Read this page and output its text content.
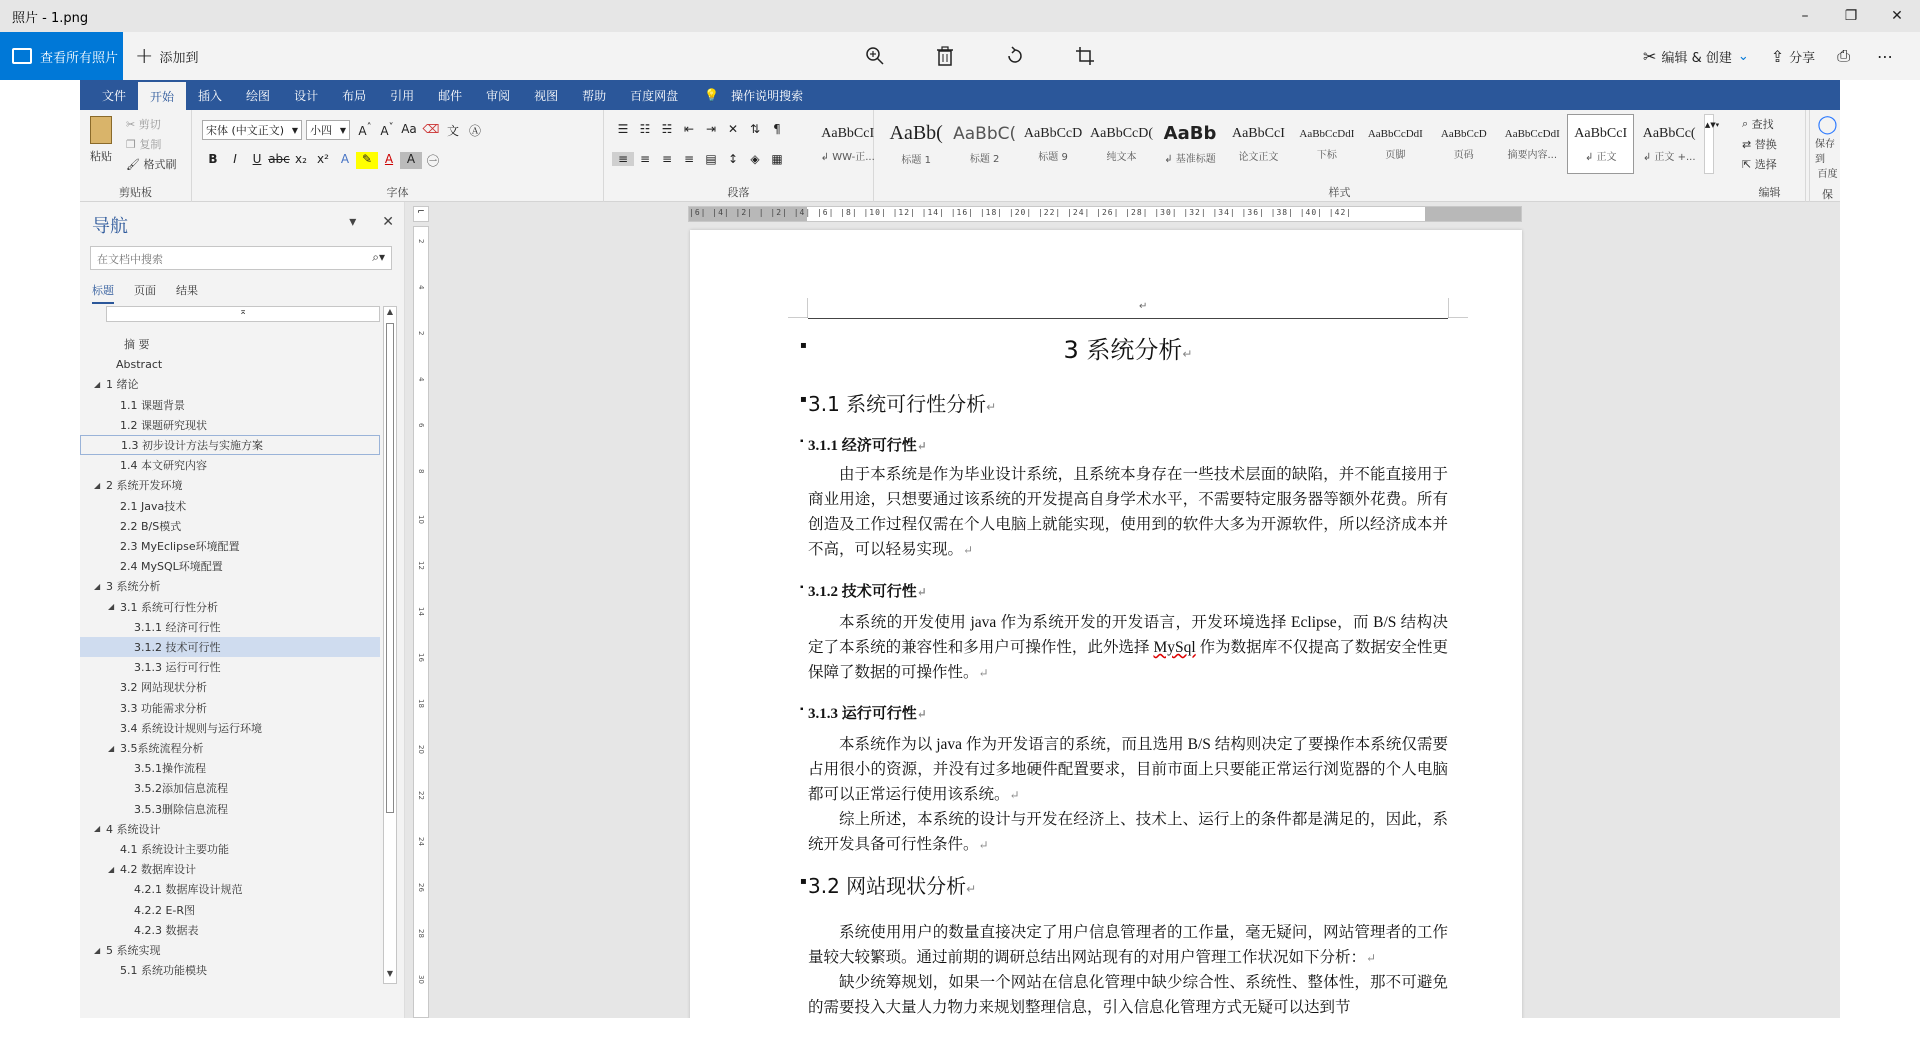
照片 - 1.png	–	❐	✕
查看所有照片 + 添加到	✂ 编辑 & 创建 ⌄ ⇪ 分享 ⎙ ⋯
文件	开始	插入	绘图	设计	布局	引用	邮件	审阅	视图	帮助	百度网盘	💡	操作说明搜索
粘贴
✂
剪切
❐
复制
🖌
格式刷
剪贴板
宋体 (中文正文) ▼ 小四 ▼	A˄ A˅ Aa ⌫ 文 Ⓐ
B	I	U abc x₂ x² A	✎	A	A ㊀
字体
☰ ☷ ☵ ⇤ ⇥ ✕ ⇅	¶
≡ ≡ ≡ ≡ ▤ ↕	◈ ▦
段落	样式
AaBbCcI
↲ WW-正...
AaBb(
标题 1
AaBbC(
标题 2
AaBbCcD
标题 9
AaBbCcD(
纯文本
AaBb
↲ 基准标题
AaBbCcI
论文正文
AaBbCcDdI
下标
AaBbCcDdI
页脚
AaBbCcD
页码
AaBbCcDdI
摘要内容...
AaBbCcI
↲ 正文
AaBbCc(
↲ 正文 +...
▲▼▾ ⌕
查找
⇄
替换
⇱
选择
编辑
◯
保存到
百度
保
导航	▾ ✕
在文档中搜索	⌕▾
标题 页面 结果
⌅
摘 要
Abstract
◢ 1 绪论
1.1 课题背景
1.2 课题研究现状
1.3 初步设计方法与实施方案
1.4 本文研究内容
◢ 2 系统开发环境
2.1 Java技术
2.2 B/S模式
2.3 MyEclipse环境配置
2.4 MySQL环境配置
◢ 3 系统分析
◢ 3.1 系统可行性分析
3.1.1 经济可行性
3.1.2 技术可行性
3.1.3 运行可行性
3.2 网站现状分析
3.3 功能需求分析
3.4 系统设计规则与运行环境
◢ 3.5系统流程分析
3.5.1操作流程
3.5.2添加信息流程
3.5.3删除信息流程
◢ 4 系统设计
4.1 系统设计主要功能
◢ 4.2 数据库设计
4.2.1 数据库设计规范
4.2.2 E-R图
4.2.3 数据表
◢ 5 系统实现
5.1 系统功能模块
▲
▼
⌐
2
4
2
4
6
8
10
12
14
16
18
20
22
24
26
28
30
|6| |4| |2| | |2| |4| |6| |8| |10| |12| |14| |16| |18| |20| |22| |24| |26| |28| |30| |32| |34| |36| |38| |40| |42|
↵
▪	3 系统分析↵
▪ 3.1 系统可行性分析↵
▪ 3.1.1 经济可行性↵
由于本系统是作为毕业设计系统，且系统本身存在一些技术层面的缺陷，并不能直接用于商业用途，只想要通过该系统的开发提高自身学术水平，不需要特定服务器等额外花费。所有创造及工作过程仅需在个人电脑上就能实现，使用到的软件大多为开源软件，所以经济成本并不高，可以轻易实现。↵
▪ 3.1.2 技术可行性↵
本系统的开发使用 java 作为系统开发的开发语言，开发环境选择 Eclipse，而 B/S 结构决定了本系统的兼容性和多用户可操作性，此外选择 MySql 作为数据库不仅提高了数据安全性更保障了数据的可操作性。↵
▪ 3.1.3 运行可行性↵
本系统作为以 java 作为开发语言的系统，而且选用 B/S 结构则决定了要操作本系统仅需要占用很小的资源，并没有过多地硬件配置要求，目前市面上只要能正常运行浏览器的个人电脑都可以正常运行使用该系统。↵
综上所述，本系统的设计与开发在经济上、技术上、运行上的条件都是满足的，因此，系统开发具备可行性条件。↵
▪ 3.2 网站现状分析↵
系统使用用户的数量直接决定了用户信息管理者的工作量，毫无疑问，网站管理者的工作量较大较繁琐。通过前期的调研总结出网站现有的对用户管理工作状况如下分析：↵
缺少统筹规划，如果一个网站在信息化管理中缺少综合性、系统性、整体性，那不可避免的需要投入大量人力物力来规划整理信息，引入信息化管理方式无疑可以达到节
